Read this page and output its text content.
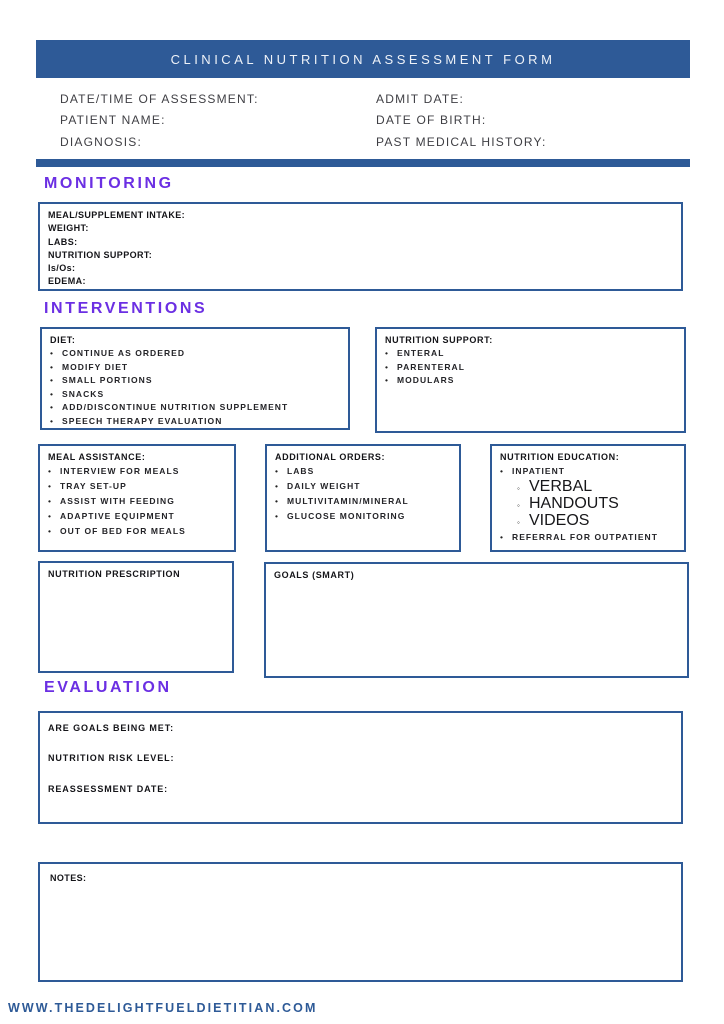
CLINICAL NUTRITION ASSESSMENT FORM
DATE/TIME OF ASSESSMENT:
PATIENT NAME:
DIAGNOSIS:
ADMIT DATE:
DATE OF BIRTH:
PAST MEDICAL HISTORY:
MONITORING
MEAL/SUPPLEMENT INTAKE:
WEIGHT:
LABS:
NUTRITION SUPPORT:
Is/Os:
EDEMA:
INTERVENTIONS
DIET:
•	CONTINUE AS ORDERED
•	MODIFY DIET
•	SMALL PORTIONS
•	SNACKS
•	ADD/DISCONTINUE NUTRITION SUPPLEMENT
•	SPEECH THERAPY EVALUATION
NUTRITION SUPPORT:
•	ENTERAL
•	PARENTERAL
•	MODULARS
MEAL ASSISTANCE:
•	INTERVIEW FOR MEALS
•	TRAY SET-UP
•	ASSIST WITH FEEDING
•	ADAPTIVE EQUIPMENT
•	OUT OF BED FOR MEALS
ADDITIONAL ORDERS:
•	LABS
•	DAILY WEIGHT
•	MULTIVITAMIN/MINERAL
•	GLUCOSE MONITORING
NUTRITION EDUCATION:
•	INPATIENT
◦ VERBAL
◦ HANDOUTS
◦ VIDEOS
•	REFERRAL FOR OUTPATIENT
NUTRITION PRESCRIPTION	GOALS (SMART)
EVALUATION
ARE GOALS BEING MET:
NUTRITION RISK LEVEL:
REASSESSMENT DATE:
NOTES:
WWW.THEDELIGHTFUELDIETITIAN.COM
